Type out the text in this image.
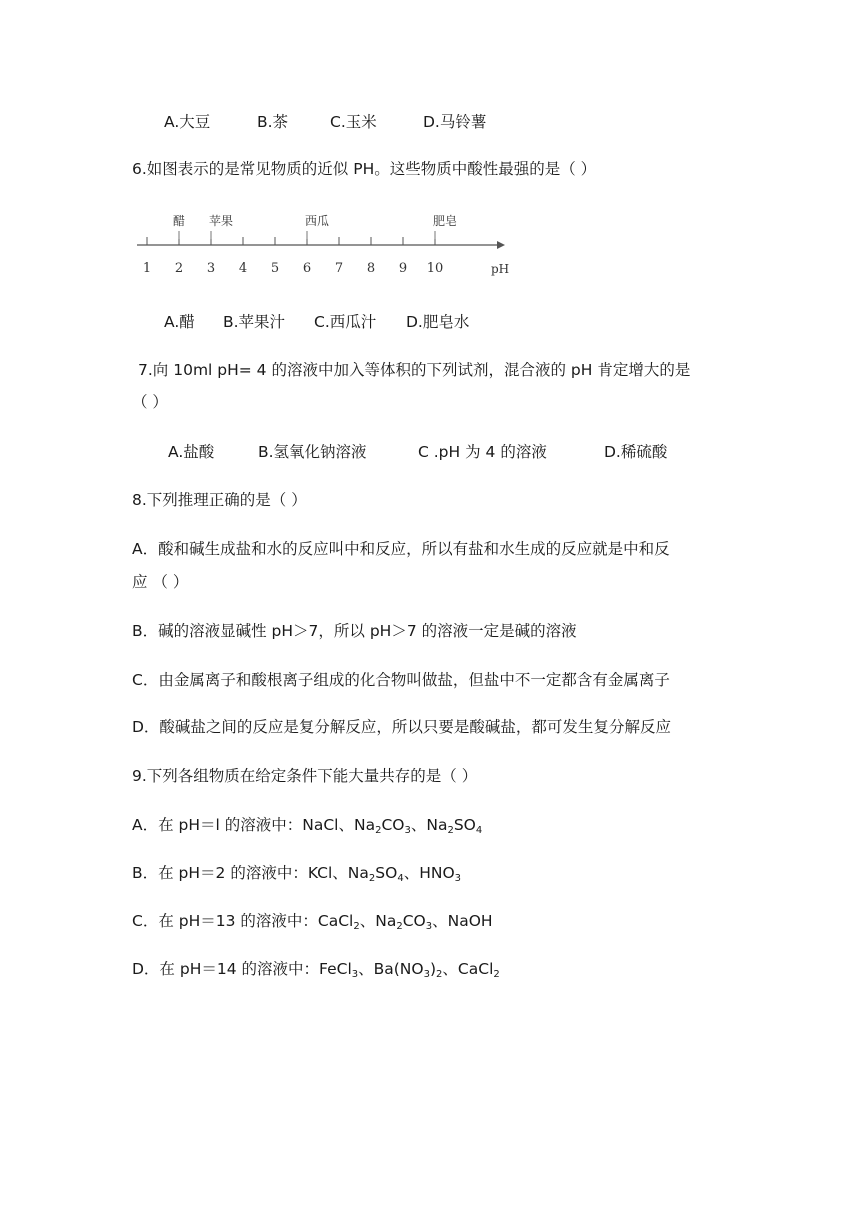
A.大豆	B.茶	C.玉米	D.马铃薯
6.如图表示的是常见物质的近似 PH。这些物质中酸性最强的是（ ）
1 2 3 4 5 6 7 8 9 10
醋 苹果	西瓜	肥皂
pH
A.醋 B.苹果汁 C.西瓜汁 D.肥皂水
7.向 10ml pH= 4 的溶液中加入等体积的下列试剂，混合液的 pH 肯定增大的是
（ ）
A.盐酸	B.氢氧化钠溶液	C .pH 为 4 的溶液	D.稀硫酸
8.下列推理正确的是（ ）
A．酸和碱生成盐和水的反应叫中和反应，所以有盐和水生成的反应就是中和反
应 （ ）
B．碱的溶液显碱性 pH＞7，所以 pH＞7 的溶液一定是碱的溶液
C．由金属离子和酸根离子组成的化合物叫做盐，但盐中不一定都含有金属离子
D．酸碱盐之间的反应是复分解反应，所以只要是酸碱盐，都可发生复分解反应
9.下列各组物质在给定条件下能大量共存的是（ ）
A．在 pH＝l 的溶液中：NaCl、$Na_2CO_3$、$Na_2SO_4$
B．在 pH＝2 的溶液中：KCl、$Na_2SO_4$、$HNO_3$
C．在 pH＝13 的溶液中：CaCl$_2$、$Na_2CO_3$、NaOH
D．在 pH＝14 的溶液中：FeCl$_3$、$Ba(NO_3)_2$、CaCl$_2$
